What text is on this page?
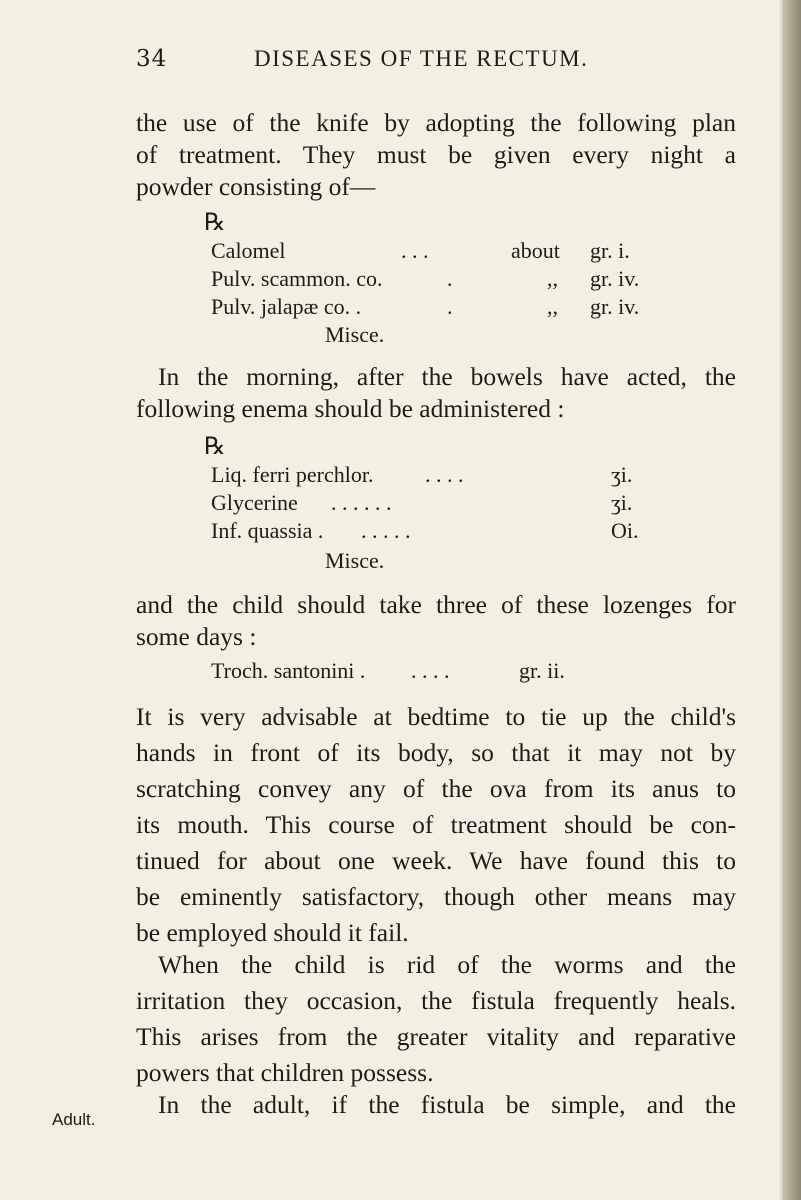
34	DISEASES OF THE RECTUM.
the use of the knife by adopting the following plan
of treatment. They must be given every night a
powder consisting of—
℞
Calomel	. . .	about gr. i.
Pulv. scammon. co.	.	,, gr. iv.
Pulv. jalapæ co. .	.	,, gr. iv.
Misce.
In the morning, after the bowels have acted, the
following enema should be administered :
℞
Liq. ferri perchlor. . . . .	ʒi.
Glycerine . . . . . .	ʒi.
Inf. quassia . . . . . .	Oi.
Misce.
and the child should take three of these lozenges for
some days :
Troch. santonini . . . . .	gr. ii.
It is very advisable at bedtime to tie up the child's
hands in front of its body, so that it may not by
scratching convey any of the ova from its anus to
its mouth. This course of treatment should be con-
tinued for about one week. We have found this to
be eminently satisfactory, though other means may
be employed should it fail.
When the child is rid of the worms and the
irritation they occasion, the fistula frequently heals.
This arises from the greater vitality and reparative
powers that children possess.
In the adult, if the fistula be simple, and the
Adult.
